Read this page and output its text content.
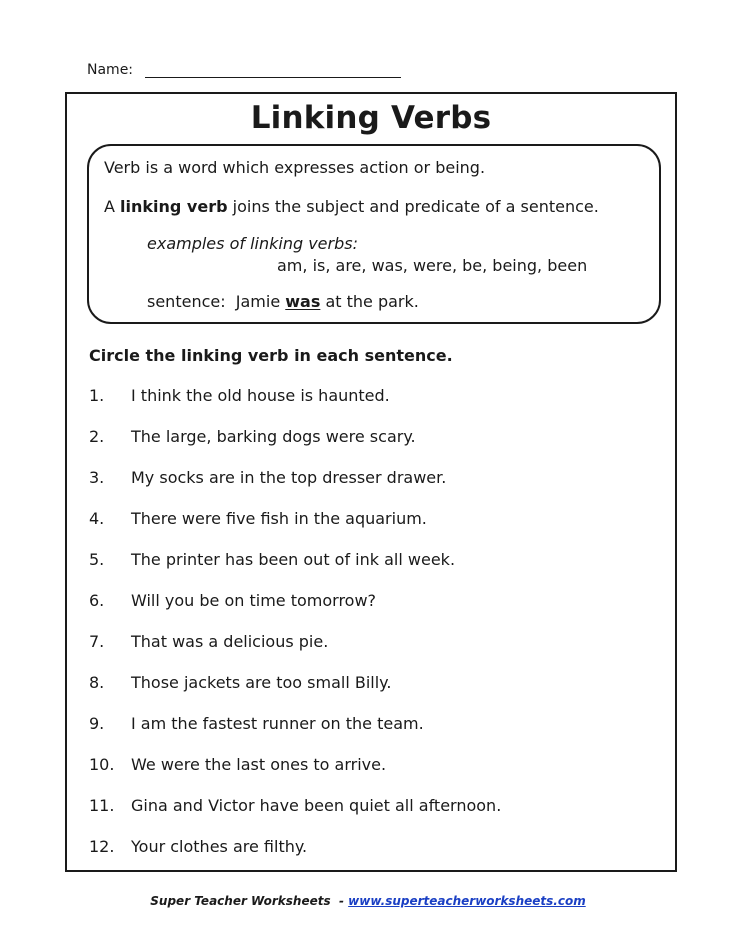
Name:
Linking Verbs
Verb is a word which expresses action or being.
A linking verb joins the subject and predicate of a sentence.
examples of linking verbs:
am, is, are, was, were, be, being, been
sentence:  Jamie was at the park.
Circle the linking verb in each sentence.
1. I think the old house is haunted.
2. The large, barking dogs were scary.
3. My socks are in the top dresser drawer.
4. There were five fish in the aquarium.
5. The printer has been out of ink all week.
6. Will you be on time tomorrow?
7. That was a delicious pie.
8. Those jackets are too small Billy.
9. I am the fastest runner on the team.
10. We were the last ones to arrive.
11. Gina and Victor have been quiet all afternoon.
12. Your clothes are filthy.
Super Teacher Worksheets  - www.superteacherworksheets.com
